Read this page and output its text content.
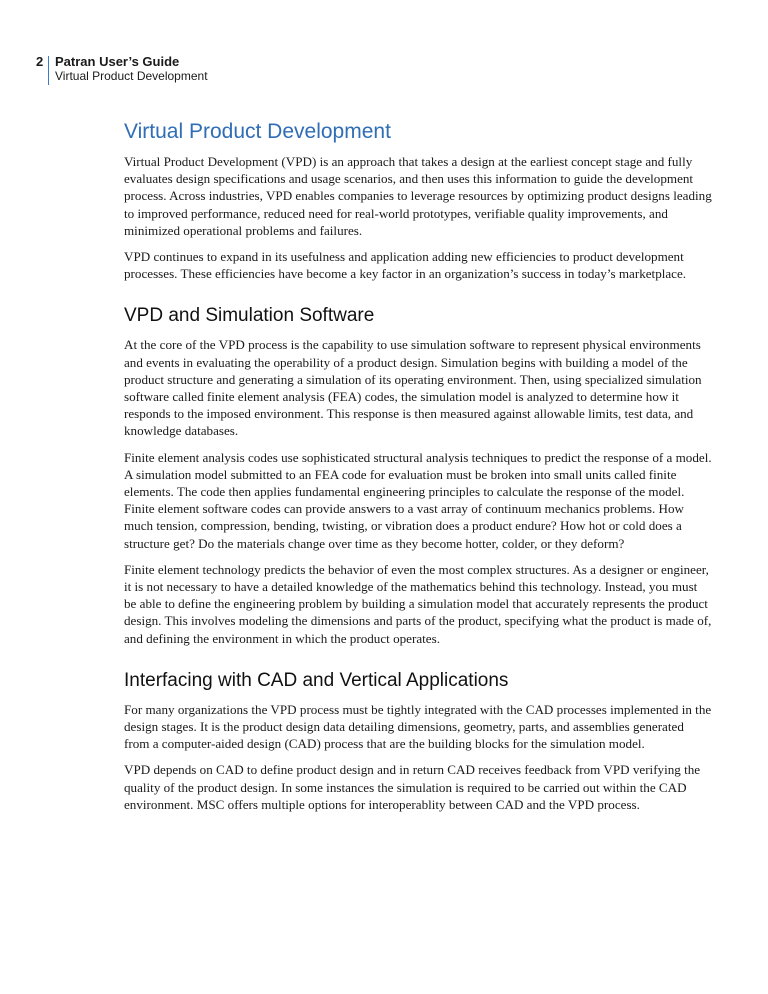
2 Patran User’s Guide
Virtual Product Development
Virtual Product Development

Virtual Product Development (VPD) is an approach that takes a design at the earliest concept stage and fully evaluates design specifications and usage scenarios, and then uses this information to guide the development process. Across industries, VPD enables companies to leverage resources by optimizing product designs leading to improved performance, reduced need for real-world prototypes, verifiable quality improvements, and minimized operational problems and failures.

VPD continues to expand in its usefulness and application adding new efficiencies to product development processes. These efficiencies have become a key factor in an organization’s success in today’s marketplace.

VPD and Simulation Software

At the core of the VPD process is the capability to use simulation software to represent physical environments and events in evaluating the operability of a product design. Simulation begins with building a model of the product structure and generating a simulation of its operating environment. Then, using specialized simulation software called finite element analysis (FEA) codes, the simulation model is analyzed to determine how it responds to the imposed environment. This response is then measured against allowable limits, test data, and knowledge databases.

Finite element analysis codes use sophisticated structural analysis techniques to predict the response of a model. A simulation model submitted to an FEA code for evaluation must be broken into small units called finite elements. The code then applies fundamental engineering principles to calculate the response of the model. Finite element software codes can provide answers to a vast array of continuum mechanics problems. How much tension, compression, bending, twisting, or vibration does a product endure? How hot or cold does a structure get? Do the materials change over time as they become hotter, colder, or they deform?

Finite element technology predicts the behavior of even the most complex structures. As a designer or engineer, it is not necessary to have a detailed knowledge of the mathematics behind this technology. Instead, you must be able to define the engineering problem by building a simulation model that accurately represents the product design. This involves modeling the dimensions and parts of the product, specifying what the product is made of, and defining the environment in which the product operates.

Interfacing with CAD and Vertical Applications

For many organizations the VPD process must be tightly integrated with the CAD processes implemented in the design stages. It is the product design data detailing dimensions, geometry, parts, and assemblies generated from a computer-aided design (CAD) process that are the building blocks for the simulation model.

VPD depends on CAD to define product design and in return CAD receives feedback from VPD verifying the quality of the product design. In some instances the simulation is required to be carried out within the CAD environment. MSC offers multiple options for interoperablity between CAD and the VPD process.
